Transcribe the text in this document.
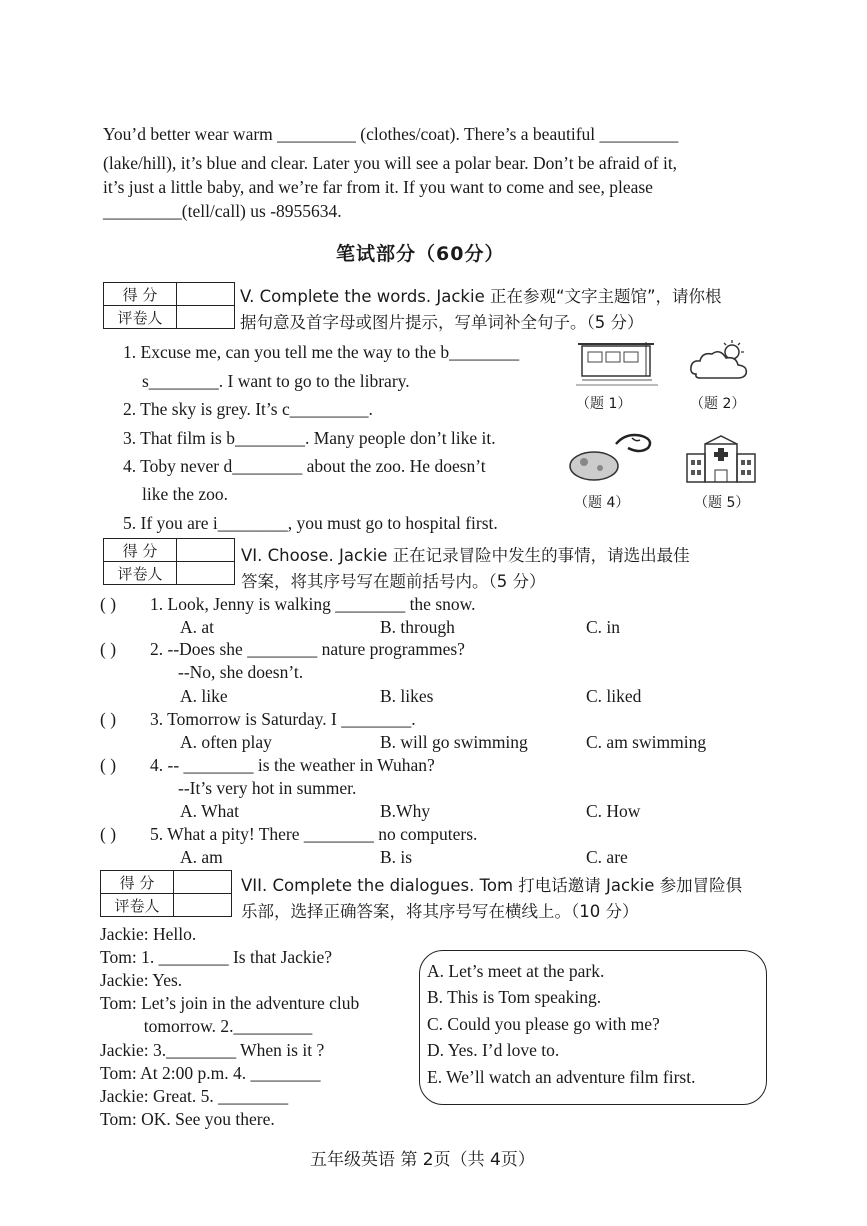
You’d better wear warm _________ (clothes/coat). There’s a beautiful _________
(lake/hill), it’s blue and clear. Later you will see a polar bear. Don’t be afraid of it,
it’s just a little baby, and we’re far from it. If you want to come and see, please
_________(tell/call) us -8955634.
笔试部分（60分）
得 分	
评卷人	
V. Complete the words. Jackie 正在参观“文字主题馆”，请你根
据句意及首字母或图片提示，写单词补全句子。（5 分）
1. Excuse me, can you tell me the way to the b________
s________. I want to go to the library.
2. The sky is grey. It’s c_________.
3. That film is b________. Many people don’t like it.
4. Toby never d________ about the zoo. He doesn’t
like the zoo.
5. If you are i________, you must go to hospital first.
（题 1）	（题 2）
（题 4）	（题 5）
得 分	
评卷人	
VI. Choose. Jackie 正在记录冒险中发生的事情，请选出最佳
答案，将其序号写在题前括号内。（5 分）
( ) 1. Look, Jenny is walking ________ the snow.
A. at	B. through	C. in
( ) 2. --Does she ________ nature programmes?
--No, she doesn’t.
A. like	B. likes	C. liked
( ) 3. Tomorrow is Saturday. I ________.
A. often play	B. will go swimming	C. am swimming
( ) 4. -- ________ is the weather in Wuhan?
--It’s very hot in summer.
A. What	B.Why	C. How
( ) 5. What a pity! There ________ no computers.
A. am	B. is	C. are
得 分	
评卷人	
VII. Complete the dialogues. Tom 打电话邀请 Jackie 参加冒险俱
乐部，选择正确答案，将其序号写在横线上。（10 分）
Jackie: Hello.
Tom: 1. ________ Is that Jackie?
Jackie: Yes.
Tom: Let’s join in the adventure club
tomorrow. 2._________
Jackie: 3.________ When is it ?
Tom: At 2:00 p.m. 4. ________
Jackie: Great. 5. ________
Tom: OK. See you there.
A. Let’s meet at the park.
B. This is Tom speaking.
C. Could you please go with me?
D. Yes. I’d love to.
E. We’ll watch an adventure film first.
五年级英语 第 2页（共 4页）
